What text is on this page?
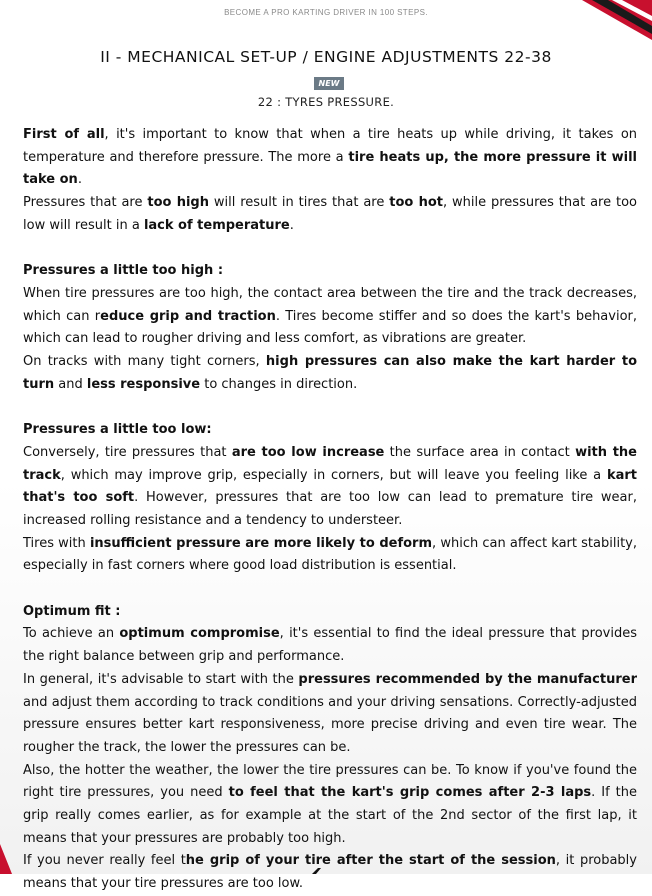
BECOME A PRO KARTING DRIVER IN 100 STEPS.
II - MECHANICAL SET-UP / ENGINE ADJUSTMENTS 22-38
NEW
22 : TYRES PRESSURE.

First of all, it's important to know that when a tire heats up while driving, it takes on temperature and therefore pressure. The more a tire heats up, the more pressure it will take on.

Pressures that are too high will result in tires that are too hot, while pressures that are too low will result in a lack of temperature.

Pressures a little too high :

When tire pressures are too high, the contact area between the tire and the track decreases, which can reduce grip and traction. Tires become stiffer and so does the kart's behavior, which can lead to rougher driving and less comfort, as vibrations are greater.

On tracks with many tight corners, high pressures can also make the kart harder to turn and less responsive to changes in direction.

Pressures a little too low:

Conversely, tire pressures that are too low increase the surface area in contact with the track, which may improve grip, especially in corners, but will leave you feeling like a kart that's too soft. However, pressures that are too low can lead to premature tire wear, increased rolling resistance and a tendency to understeer.

Tires with insufficient pressure are more likely to deform, which can affect kart stability, especially in fast corners where good load distribution is essential.

Optimum fit :

To achieve an optimum compromise, it's essential to find the ideal pressure that provides the right balance between grip and performance.

In general, it's advisable to start with the pressures recommended by the manufacturer and adjust them according to track conditions and your driving sensations. Correctly-adjusted pressure ensures better kart responsiveness, more precise driving and even tire wear. The rougher the track, the lower the pressures can be.

Also, the hotter the weather, the lower the tire pressures can be. To know if you've found the right tire pressures, you need to feel that the kart's grip comes after 2-3 laps. If the grip really comes earlier, as for example at the start of the 2nd sector of the first lap, it means that your pressures are probably too high.

If you never really feel the grip of your tire after the start of the session, it probably means that your tire pressures are too low.
